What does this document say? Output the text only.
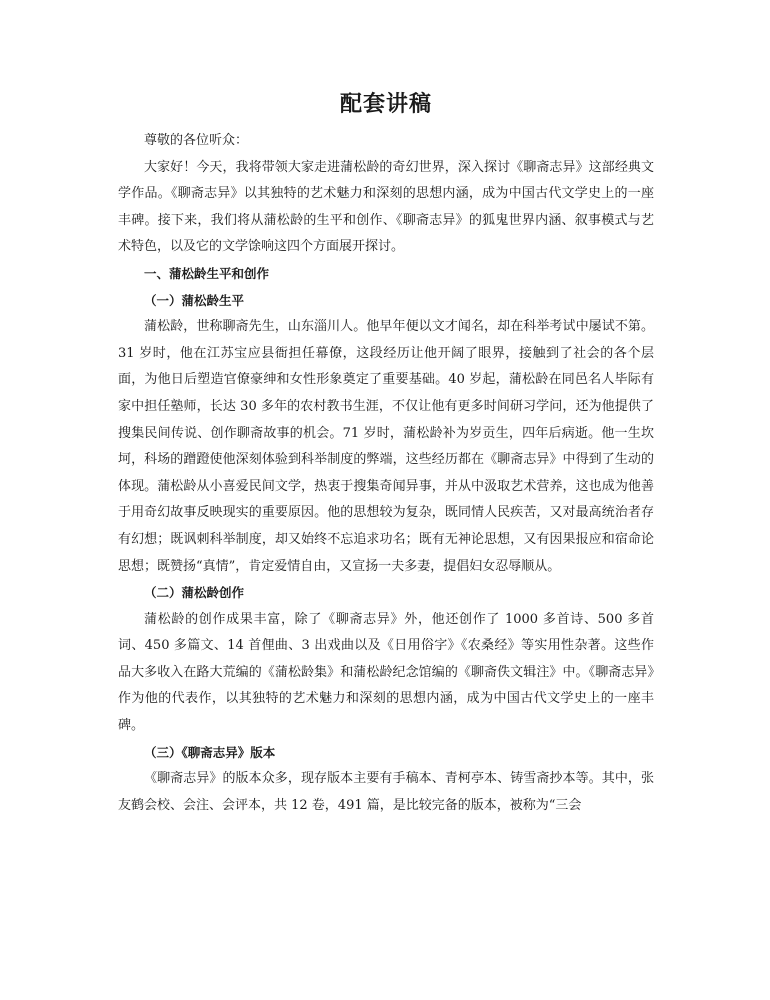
配套讲稿

尊敬的各位听众：

大家好！今天，我将带领大家走进蒲松龄的奇幻世界，深入探讨《聊斋志异》这部经典文学作品。《聊斋志异》以其独特的艺术魅力和深刻的思想内涵，成为中国古代文学史上的一座丰碑。接下来，我们将从蒲松龄的生平和创作、《聊斋志异》的狐鬼世界内涵、叙事模式与艺术特色，以及它的文学馀响这四个方面展开探讨。

一、蒲松龄生平和创作

（一）蒲松龄生平

蒲松龄，世称聊斋先生，山东淄川人。他早年便以文才闻名，却在科举考试中屡试不第。31 岁时，他在江苏宝应县衙担任幕僚，这段经历让他开阔了眼界，接触到了社会的各个层面，为他日后塑造官僚豪绅和女性形象奠定了重要基础。40 岁起，蒲松龄在同邑名人毕际有家中担任塾师，长达 30 多年的农村教书生涯，不仅让他有更多时间研习学问，还为他提供了搜集民间传说、创作聊斋故事的机会。71 岁时，蒲松龄补为岁贡生，四年后病逝。他一生坎坷，科场的蹭蹬使他深刻体验到科举制度的弊端，这些经历都在《聊斋志异》中得到了生动的体现。蒲松龄从小喜爱民间文学，热衷于搜集奇闻异事，并从中汲取艺术营养，这也成为他善于用奇幻故事反映现实的重要原因。他的思想较为复杂，既同情人民疾苦，又对最高统治者存有幻想；既讽刺科举制度，却又始终不忘追求功名；既有无神论思想，又有因果报应和宿命论思想；既赞扬“真情”，肯定爱情自由，又宣扬一夫多妻，提倡妇女忍辱顺从。

（二）蒲松龄创作

蒲松龄的创作成果丰富，除了《聊斋志异》外，他还创作了 1000 多首诗、500 多首词、450 多篇文、14 首俚曲、3 出戏曲以及《日用俗字》《农桑经》等实用性杂著。这些作品大多收入在路大荒编的《蒲松龄集》和蒲松龄纪念馆编的《聊斋佚文辑注》中。《聊斋志异》作为他的代表作，以其独特的艺术魅力和深刻的思想内涵，成为中国古代文学史上的一座丰碑。

（三）《聊斋志异》版本

《聊斋志异》的版本众多，现存版本主要有手稿本、青柯亭本、铸雪斋抄本等。其中，张友鹤会校、会注、会评本，共 12 卷，491 篇，是比较完备的版本，被称为“三会
